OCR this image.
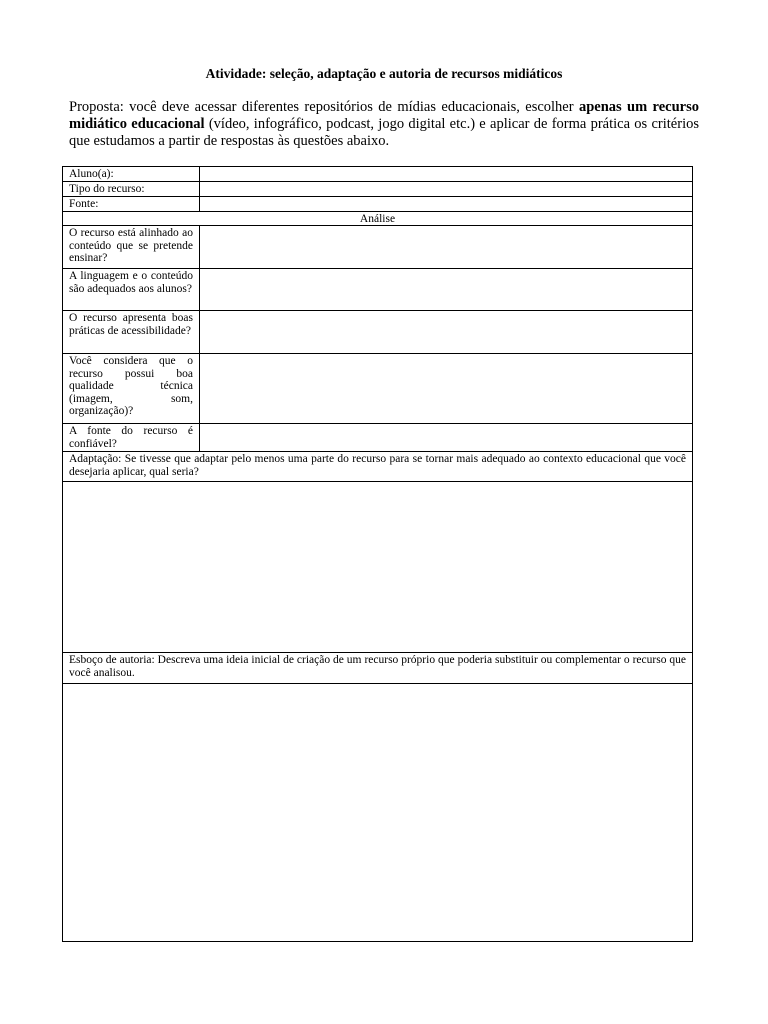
Atividade: seleção, adaptação e autoria de recursos midiáticos
Proposta: você deve acessar diferentes repositórios de mídias educacionais, escolher apenas um recurso midiático educacional (vídeo, infográfico, podcast, jogo digital etc.) e aplicar de forma prática os critérios que estudamos a partir de respostas às questões abaixo.
Aluno(a):	
Tipo do recurso:	
Fonte:	
Análise	
O recurso está alinhado ao conteúdo que se pretende ensinar?	
A linguagem e o conteúdo são adequados aos alunos?	
O recurso apresenta boas práticas de acessibilidade?	
Você considera que o recurso possui boa qualidade técnica (imagem, som, organização)?	
A fonte do recurso é confiável?	
Adaptação: Se tivesse que adaptar pelo menos uma parte do recurso para se tornar mais adequado ao contexto educacional que você desejaria aplicar, qual seria?	

Esboço de autoria: Descreva uma ideia inicial de criação de um recurso próprio que poderia substituir ou complementar o recurso que você analisou.	
